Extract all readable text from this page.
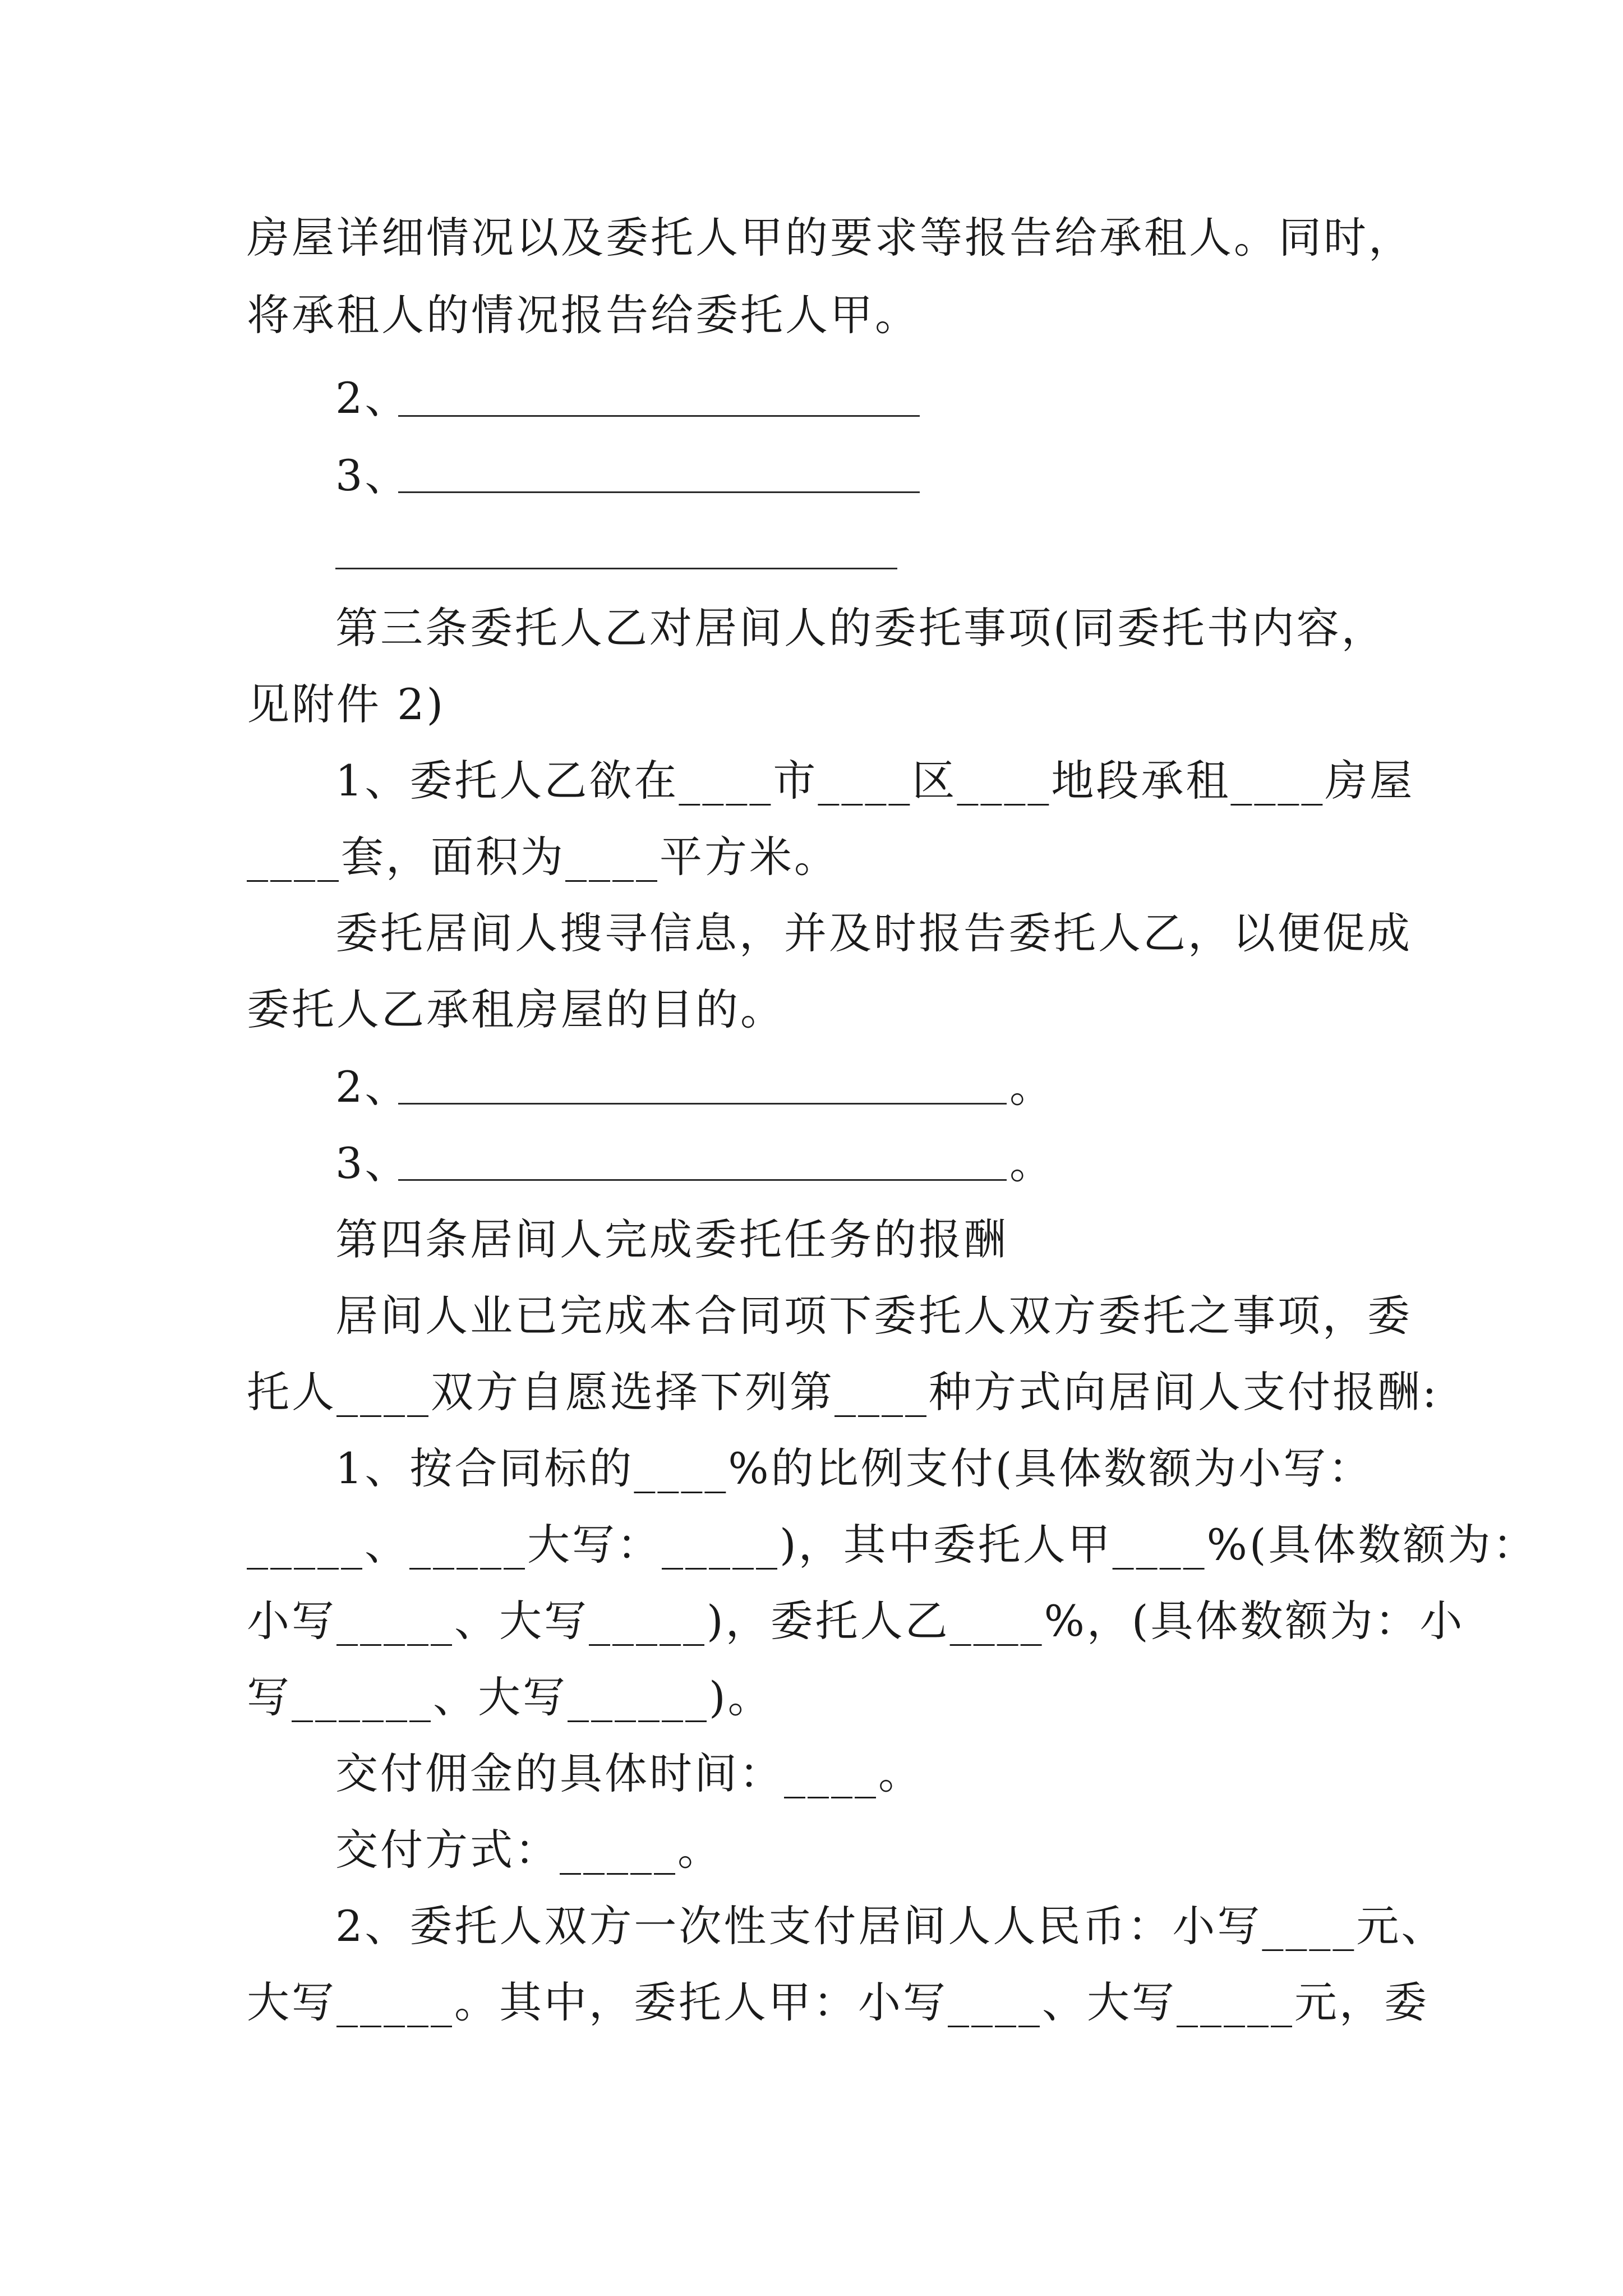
房屋详细情况以及委托人甲的要求等报告给承租人。同时，
将承租人的情况报告给委托人甲。
2、
3、
第三条委托人乙对居间人的委托事项(同委托书内容，
见附件 2)
1、委托人乙欲在____市____区____地段承租____房屋
____套，面积为____平方米。
委托居间人搜寻信息，并及时报告委托人乙，以便促成
委托人乙承租房屋的目的。
2、	。
3、	。
第四条居间人完成委托任务的报酬
居间人业已完成本合同项下委托人双方委托之事项，委
托人____双方自愿选择下列第____种方式向居间人支付报酬:
1、按合同标的____%的比例支付(具体数额为小写：
_____、_____大写：_____)，其中委托人甲____%(具体数额为：
小写_____、大写_____)，委托人乙____%，(具体数额为：小
写______、大写______)。
交付佣金的具体时间：____。
交付方式：_____。
2、委托人双方一次性支付居间人人民币：小写____元、
大写_____。其中，委托人甲：小写____、大写_____元，委
